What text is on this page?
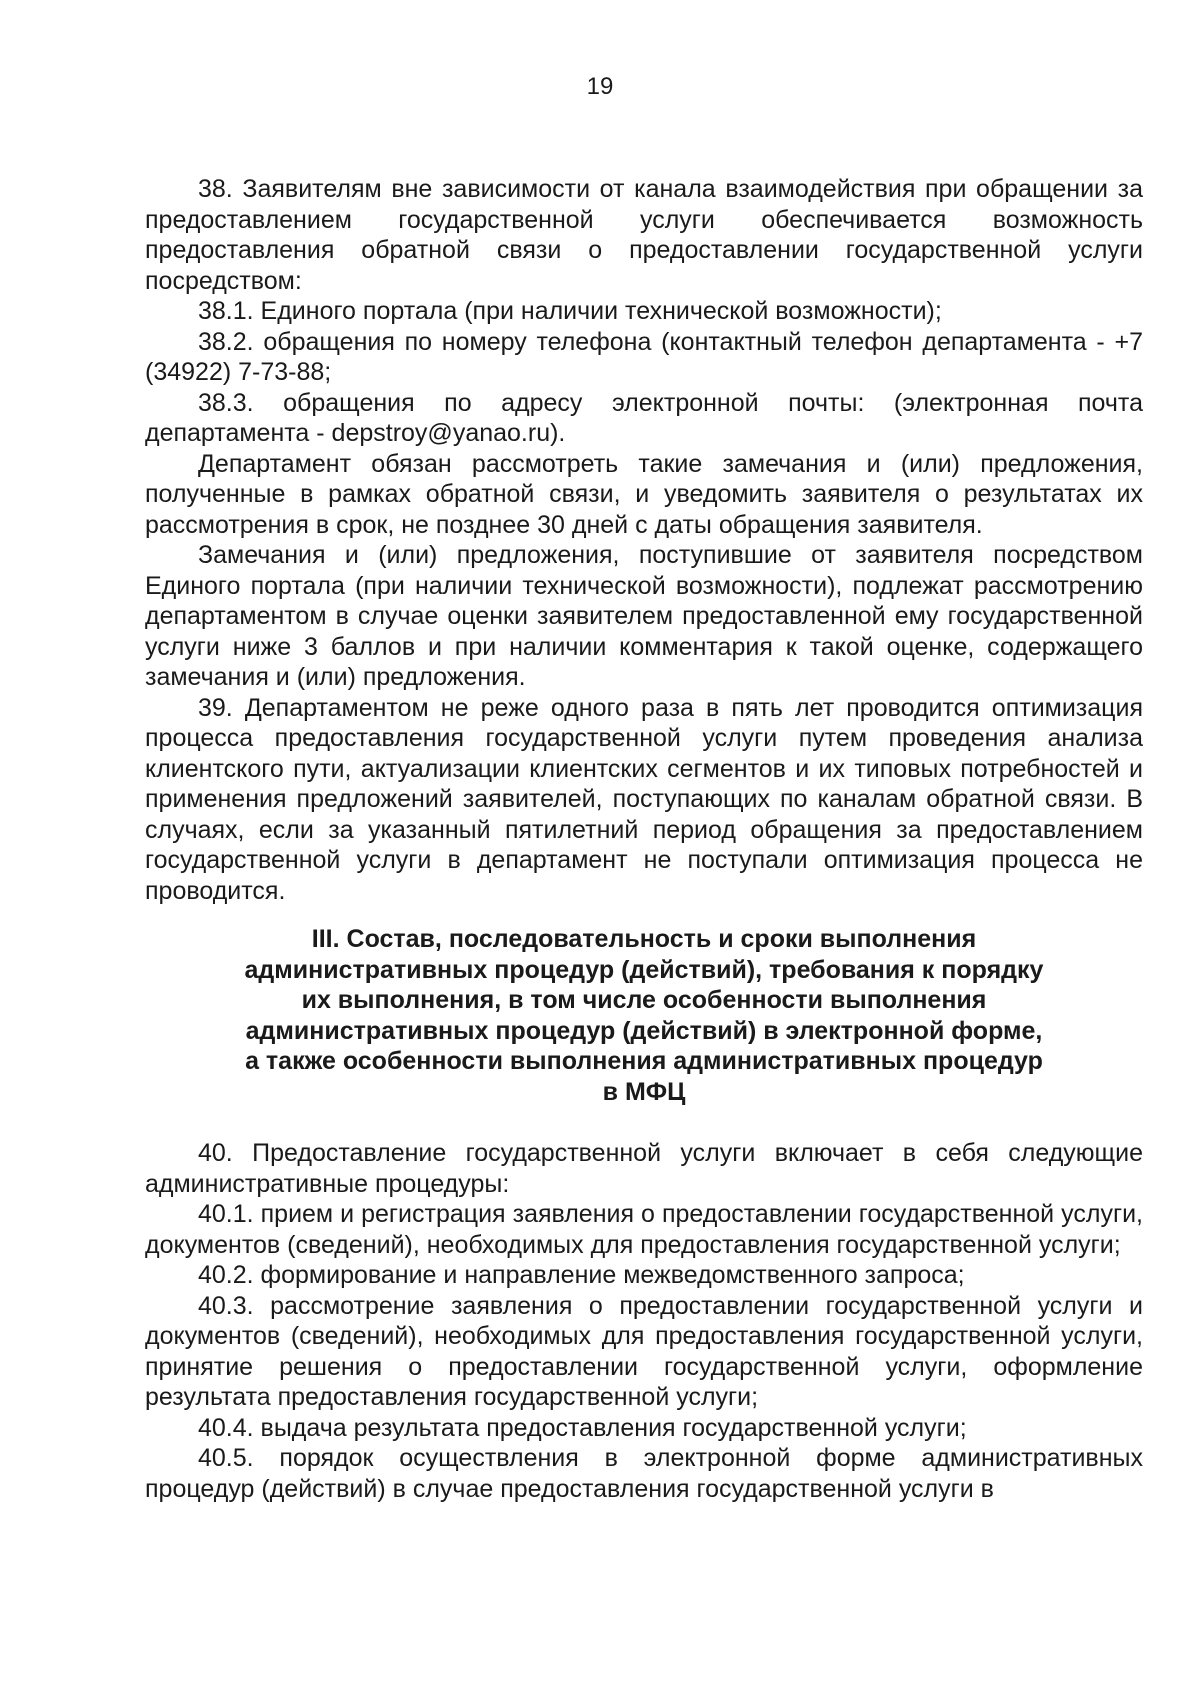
19

38. Заявителям вне зависимости от канала взаимодействия при обращении за предоставлением государственной услуги обеспечивается возможность предоставления обратной связи о предоставлении государственной услуги посредством:

38.1. Единого портала (при наличии технической возможности);

38.2. обращения по номеру телефона (контактный телефон департамента - +7 (34922) 7-73-88;

38.3. обращения по адресу электронной почты: (электронная почта департамента - depstroy@yanao.ru).

Департамент обязан рассмотреть такие замечания и (или) предложения, полученные в рамках обратной связи, и уведомить заявителя о результатах их рассмотрения в срок, не позднее 30 дней с даты обращения заявителя.

Замечания и (или) предложения, поступившие от заявителя посредством Единого портала (при наличии технической возможности), подлежат рассмотрению департаментом в случае оценки заявителем предоставленной ему государственной услуги ниже 3 баллов и при наличии комментария к такой оценке, содержащего замечания и (или) предложения.

39. Департаментом не реже одного раза в пять лет проводится оптимизация процесса предоставления государственной услуги путем проведения анализа клиентского пути, актуализации клиентских сегментов и их типовых потребностей и применения предложений заявителей, поступающих по каналам обратной связи. В случаях, если за указанный пятилетний период обращения за предоставлением государственной услуги в департамент не поступали оптимизация процесса не проводится.

III. Состав, последовательность и сроки выполнения
административных процедур (действий), требования к порядку
их выполнения, в том числе особенности выполнения
административных процедур (действий) в электронной форме,
а также особенности выполнения административных процедур
в МФЦ

40. Предоставление государственной услуги включает в себя следующие административные процедуры:

40.1. прием и регистрация заявления о предоставлении государственной услуги, документов (сведений), необходимых для предоставления государственной услуги;

40.2. формирование и направление межведомственного запроса;

40.3. рассмотрение заявления о предоставлении государственной услуги и документов (сведений), необходимых для предоставления государственной услуги, принятие решения о предоставлении государственной услуги, оформление результата предоставления государственной услуги;

40.4. выдача результата предоставления государственной услуги;

40.5. порядок осуществления в электронной форме административных процедур (действий) в случае предоставления государственной услуги в
